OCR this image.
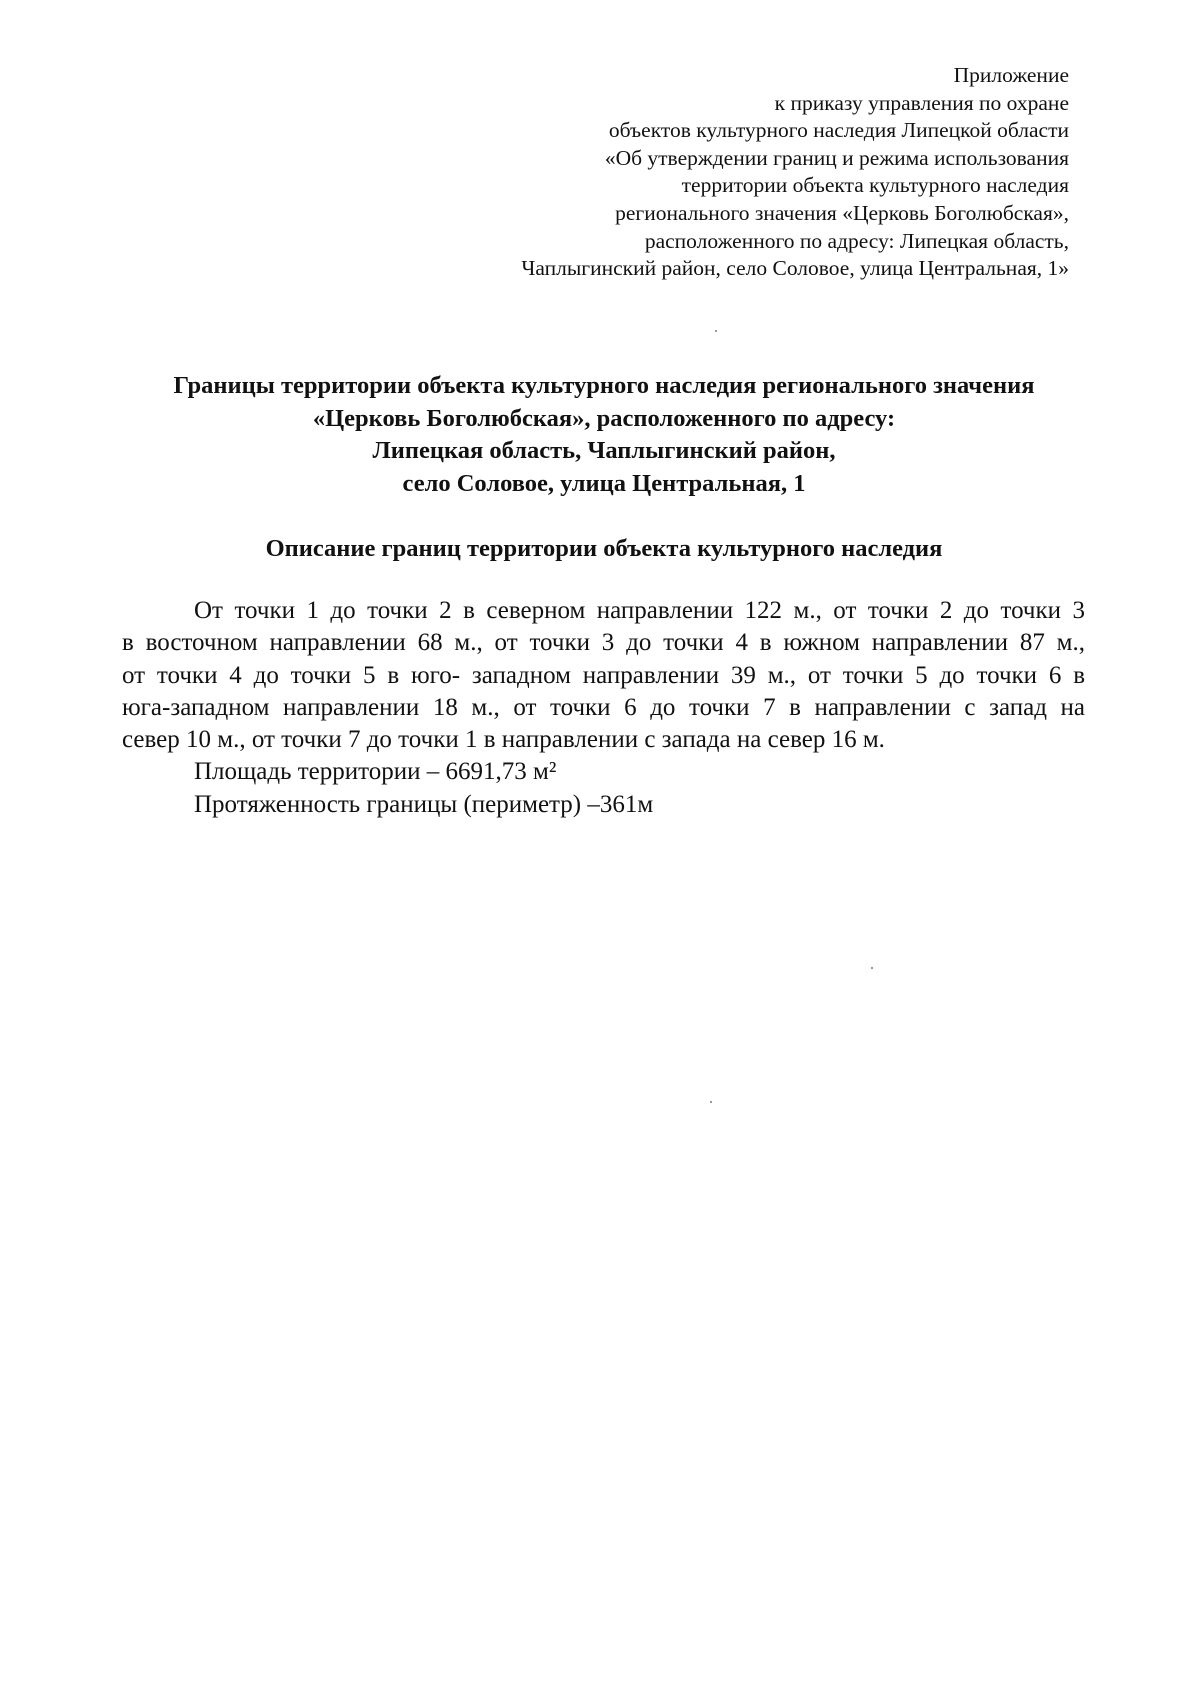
Приложение
к приказу управления по охране
объектов культурного наследия Липецкой области
«Об утверждении границ и режима использования
территории объекта культурного наследия
регионального значения «Церковь Боголюбская»,
расположенного по адресу: Липецкая область,
Чаплыгинский район, село Соловое, улица Центральная, 1»
Границы территории объекта культурного наследия регионального значения
«Церковь Боголюбская», расположенного по адресу:
Липецкая область, Чаплыгинский район,
село Соловое, улица Центральная, 1
Описание границ территории объекта культурного наследия
От точки 1 до точки 2 в северном направлении 122 м., от точки 2 до точки 3
в восточном направлении 68 м., от точки 3 до точки 4 в южном направлении 87 м.,
от точки 4 до точки 5 в юго- западном направлении 39 м., от точки 5 до точки 6 в
юга-западном направлении 18 м., от точки 6 до точки 7 в направлении с запад на
север 10 м., от точки 7 до точки 1 в направлении с запада на север 16 м.
Площадь территории – 6691,73 м²
Протяженность границы (периметр) –361м
